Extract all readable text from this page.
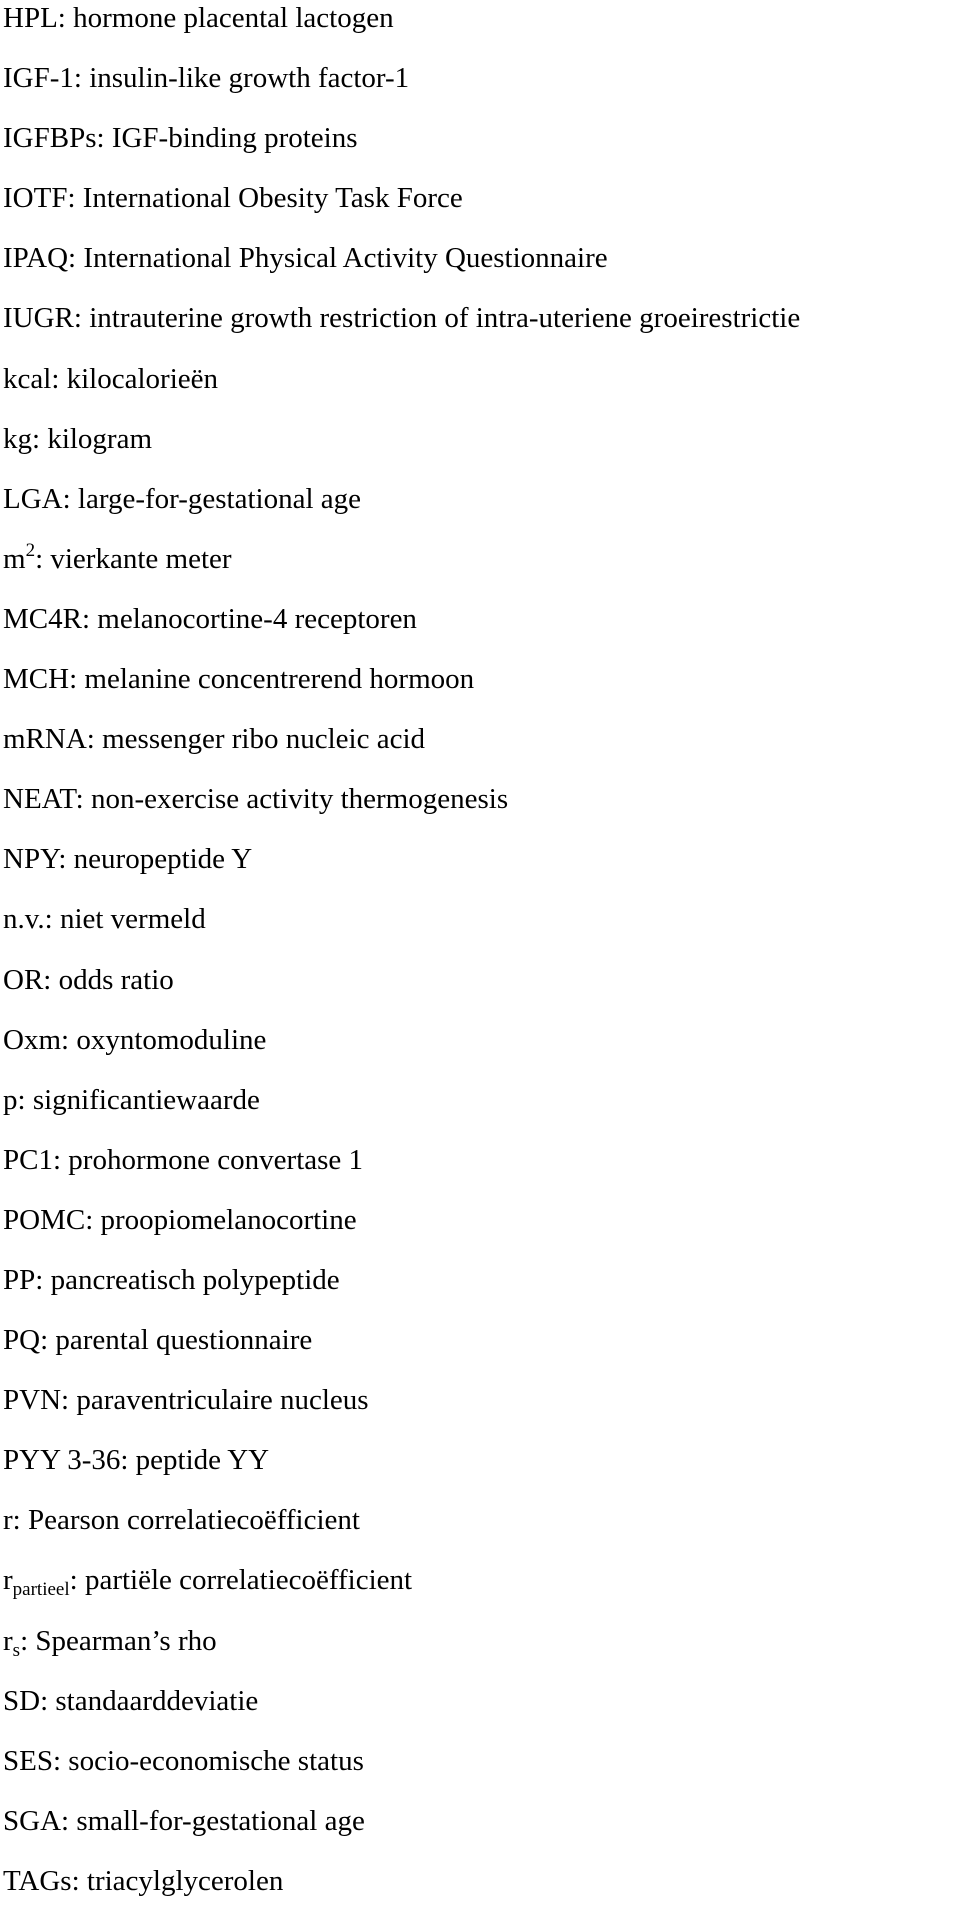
HPL: hormone placental lactogen
IGF-1: insulin-like growth factor-1
IGFBPs: IGF-binding proteins
IOTF: International Obesity Task Force
IPAQ: International Physical Activity Questionnaire
IUGR: intrauterine growth restriction of intra-uteriene groeirestrictie
kcal: kilocalorieën
kg: kilogram
LGA: large-for-gestational age
$m^2$: vierkante meter
MC4R: melanocortine-4 receptoren
MCH: melanine concentrerend hormoon
mRNA: messenger ribo nucleic acid
NEAT: non-exercise activity thermogenesis
NPY: neuropeptide Y
n.v.: niet vermeld
OR: odds ratio
Oxm: oxyntomoduline
p: significantiewaarde
PC1: prohormone convertase 1
POMC: proopiomelanocortine
PP: pancreatisch polypeptide
PQ: parental questionnaire
PVN: paraventriculaire nucleus
PYY 3-36: peptide YY
r: Pearson correlatiecoëfficient
$r_{partieel}$: partiële correlatiecoëfficient
$r_s$: Spearman’s rho
SD: standaarddeviatie
SES: socio-economische status
SGA: small-for-gestational age
TAGs: triacylglycerolen
